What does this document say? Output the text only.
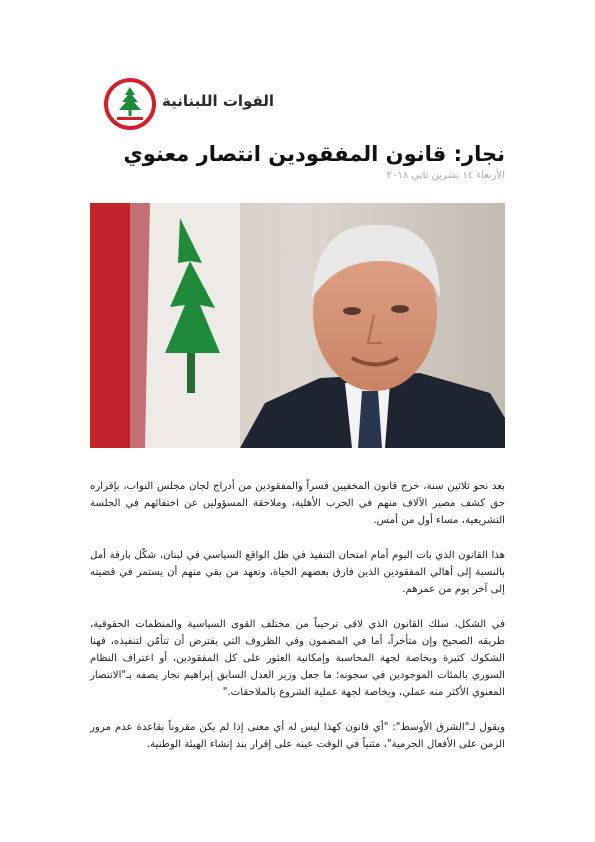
القوات اللبنانية
نجار: قانون المفقودين انتصار معنوي
الأربعاء ١٤ تشرين ثاني ٢٠١٨

بعد نحو ثلاثين سنة، خرج قانون المخفيين قسراً والمفقودين من أدراج لجان مجلس النواب، بإقراره حق كشف مصير الآلاف منهم في الحرب الأهلية، وملاحقة المسؤولين عن اختفائهم في الجلسة التشريعية، مساء أول من أمس.

هذا القانون الذي بات اليوم أمام امتحان التنفيذ في ظل الواقع السياسي في لبنان، شكّل بارقة أمل بالنسبة إلى أهالي المفقودين الذين فارق بعضهم الحياة، وتعهد من بقي منهم أن يستمر في قضيته إلى آخر يوم من عمرهم.

في الشكل، سلك القانون الذي لاقى ترحيباً من مختلف القوى السياسية والمنظمات الحقوقية، طريقه الصحيح وإن متأخراً، أما في المضمون وفي الظروف التي يفترض أن تتأمّن لتنفيذه، فهنا الشكوك كثيرة وبخاصة لجهة المحاسبة وإمكانية العثور على كل المفقودين، أو اعتراف النظام السوري بالمئات الموجودين في سجونه؛ ما جعل وزير العدل السابق إبراهيم نجار يصفه بـ"الانتصار المعنوي الأكثر منه عملي، وبخاصة لجهة عملية الشروع بالملاحقات."

ويقول لـ"الشرق الأوسط": "أي قانون كهذا ليس له أي معنى إذا لم يكن مقروناً بقاعدة عدم مرور الزمن على الأفعال الجرمية"، مثنياً في الوقت عينه على إقرار بند إنشاء الهيئة الوطنية.
